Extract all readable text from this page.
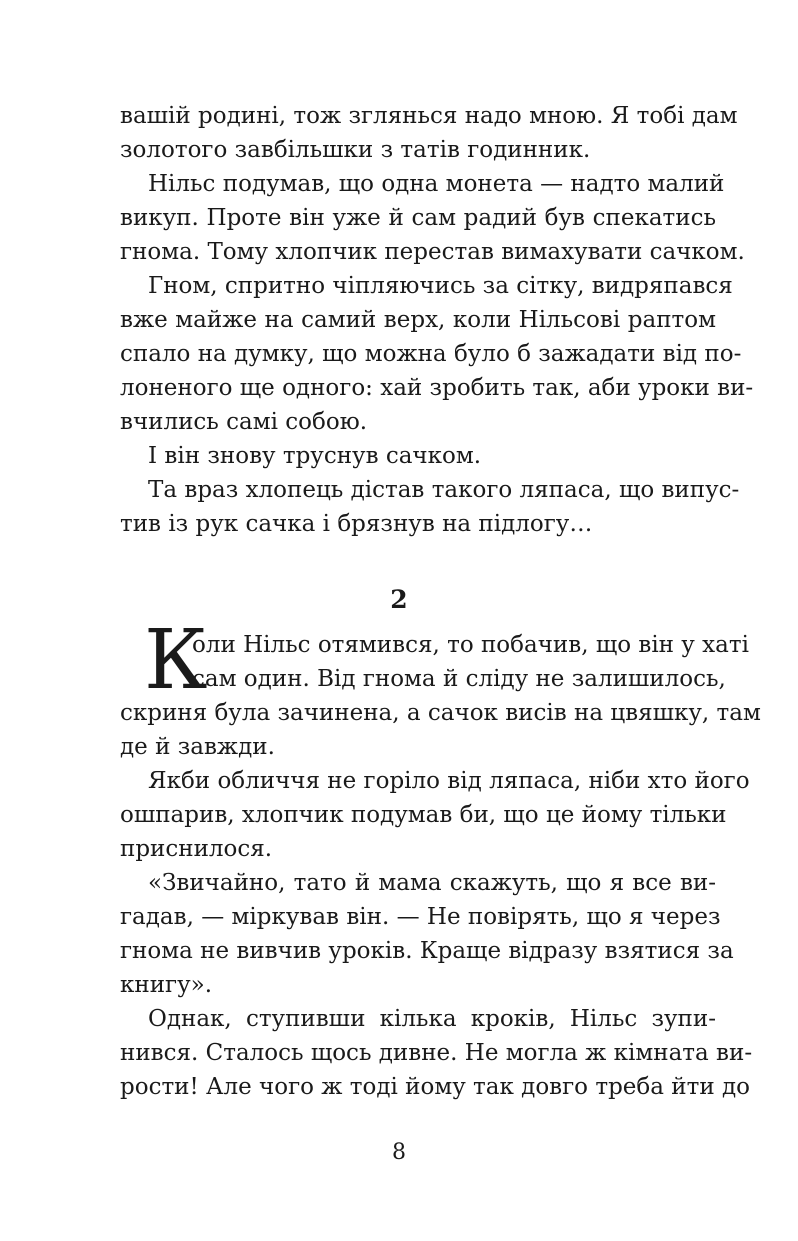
вашій родині, тож зглянься надо мною. Я тобі дам
золотого завбільшки з татів годинник.
Нільс подумав, що одна монета — надто малий
викуп. Проте він уже й сам радий був спекатись
гнома. Тому хлопчик перестав вимахувати сачком.
Гном, спритно чіпляючись за сітку, видряпався
вже майже на самий верх, коли Нільсові раптом
спало на думку, що можна було б зажадати від по-
лоненого ще одного: хай зробить так, аби уроки ви-
вчились самі собою.
І він знову труснув сачком.
Та враз хлопець дістав такого ляпаса, що випус-
тив із рук сачка і брязнув на підлогу…
2
К
оли Нільс отямився, то побачив, що він у хаті
сам один. Від гнома й сліду не залишилось,
скриня була зачинена, а сачок висів на цвяшку, там
де й завжди.
Якби обличчя не горіло від ляпаса, ніби хто його
ошпарив, хлопчик подумав би, що це йому тільки
приснилося.
«Звичайно, тато й мама скажуть, що я все ви-
гадав, — міркував він. — Не повірять, що я через
гнома не вивчив уроків. Краще відразу взятися за
книгу».
Однак, ступивши кілька кроків, Нільс зупи-
нився. Сталось щось дивне. Не могла ж кімната ви-
рости! Але чого ж тоді йому так довго треба йти до
8
